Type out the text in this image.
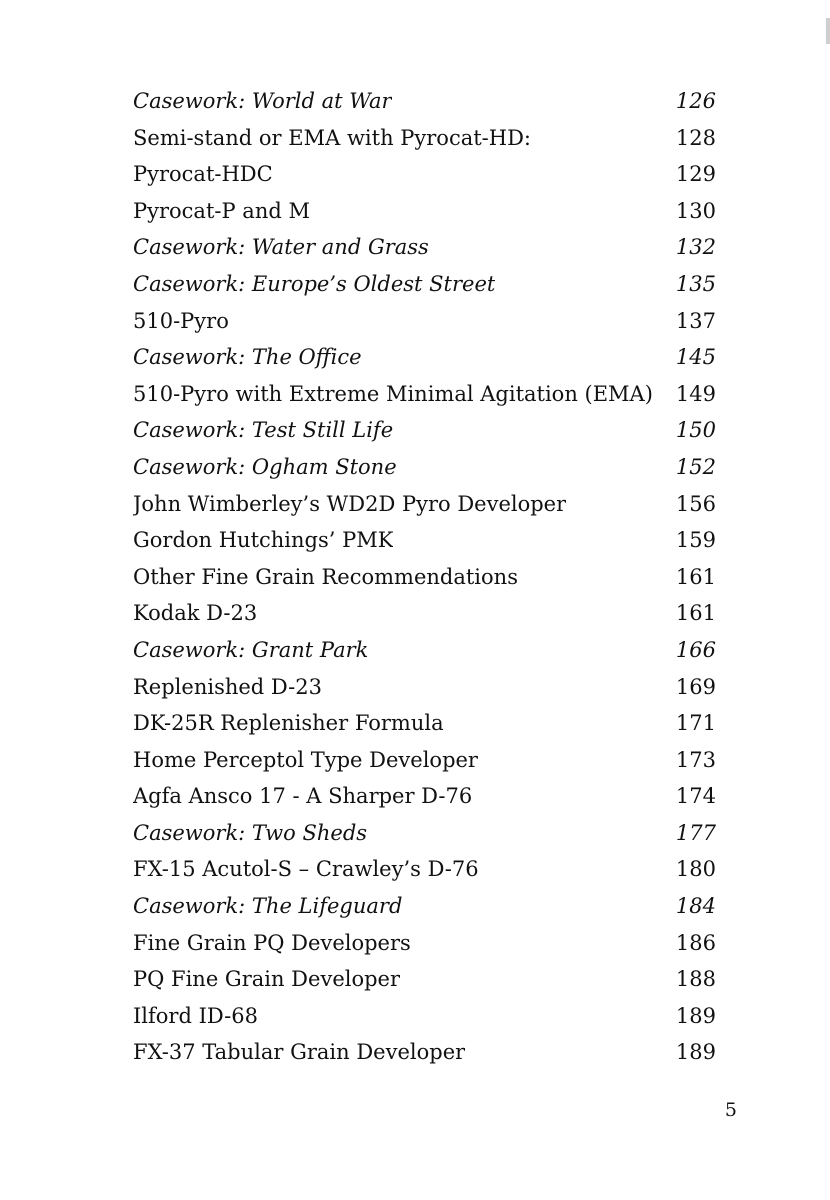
Casework: World at War	126
Semi-stand or EMA with Pyrocat-HD:	128
Pyrocat-HDC	129
Pyrocat-P and M	130
Casework: Water and Grass	132
Casework: Europe’s Oldest Street	135
510-Pyro	137
Casework: The Office	145
510-Pyro with Extreme Minimal Agitation (EMA)	149
Casework: Test Still Life	150
Casework: Ogham Stone	152
John Wimberley’s WD2D Pyro Developer	156
Gordon Hutchings’ PMK	159
Other Fine Grain Recommendations	161
Kodak D-23	161
Casework: Grant Park	166
Replenished D-23	169
DK-25R Replenisher Formula	171
Home Perceptol Type Developer	173
Agfa Ansco 17 - A Sharper D-76	174
Casework: Two Sheds	177
FX-15 Acutol-S – Crawley’s D-76	180
Casework: The Lifeguard	184
Fine Grain PQ Developers	186
PQ Fine Grain Developer	188
Ilford ID-68	189
FX-37 Tabular Grain Developer	189
5
